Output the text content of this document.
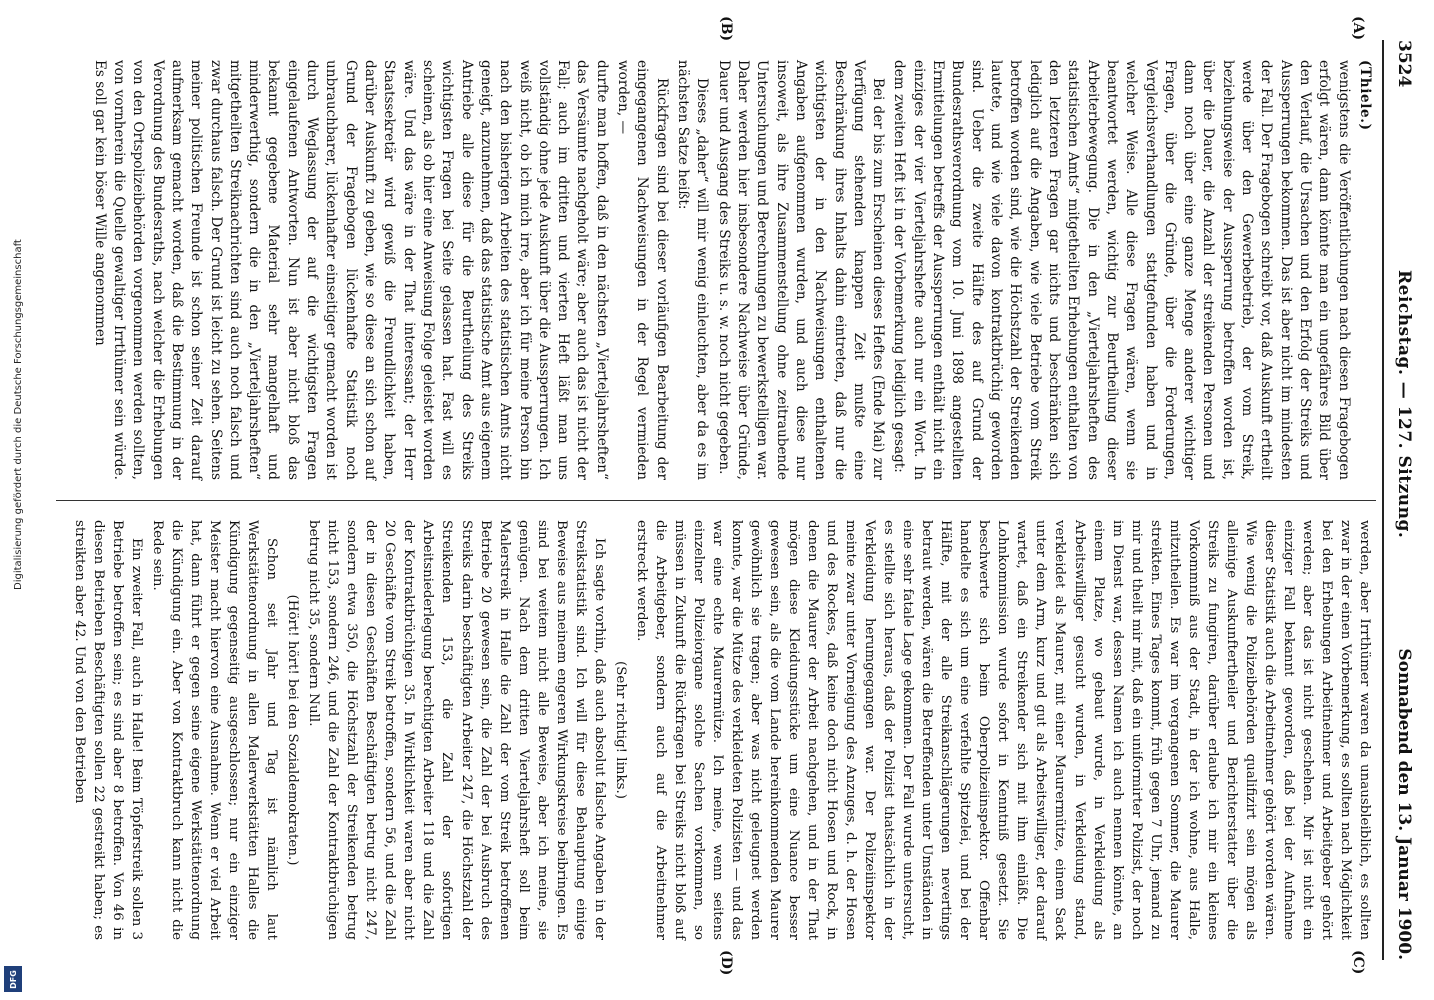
Digitalisierung gefördert durch die Deutsche Forschungsgemeinschaft
DFG
3524
Reichstag. — 127. Sitzung.
Sonnabend den 13. Januar 1900.
(A)
(B)
(C)
(D)

(Thiele.)

wenigstens die Veröffentlichungen nach diesen Fragebogen erfolgt wären, dann könnte man ein ungefähres Bild über den Verlauf, die Ursachen und den Erfolg der Streiks und Aussperrungen bekommen. Das ist aber nicht im mindesten der Fall. Der Fragebogen schreibt vor, daß Auskunft ertheilt werde über den Gewerbebetrieb, der vom Streik, beziehungsweise der Aussperrung betroffen worden ist, über die Dauer, die Anzahl der streikenden Personen und dann noch über eine ganze Menge anderer wichtiger Fragen, über die Gründe, über die Forderungen, Vergleichsverhandlungen stattgefunden haben und in welcher Weise. Alle diese Fragen wären, wenn sie beantwortet werden, wichtig zur Beurtheilung dieser Arbeiterbewegung. Die in den „Vierteljahrsheften des statistischen Amts“ mitgetheilten Erhebungen enthalten von den letzteren Fragen gar nichts und beschränken sich lediglich auf die Angaben, wie viele Betriebe vom Streik betroffen worden sind, wie die Höchstzahl der Streikenden lautete, und wie viele davon kontraktbrüchig geworden sind. Ueber die zweite Hälfte des auf Grund der Bundesrathsverordnung vom 10. Juni 1898 angestellten Ermittelungen betreffs der Aussperrungen enthält nicht ein einziges der vier Vierteljahrshefte auch nur ein Wort. In dem zweiten Heft ist in der Vorbemerkung lediglich gesagt:

Bei der bis zum Erscheinen dieses Heftes (Ende Mai) zur Verfügung stehenden knappen Zeit mußte eine Beschränkung ihres Inhalts dahin eintreten, daß nur die wichtigsten der in den Nachweisungen enthaltenen Angaben aufgenommen wurden, und auch diese nur insoweit, als ihre Zusammenstellung ohne zeitraubende Untersuchungen und Berechnungen zu bewerkstelligen war. Daher werden hier insbesondere Nachweise über Gründe, Dauer und Ausgang des Streiks u. s. w. noch nicht gegeben.

Dieses „daher“ will mir wenig einleuchten, aber da es im nächsten Satze heißt:

Rückfragen sind bei dieser vorläufigen Bearbeitung der eingegangenen Nachweisungen in der Regel vermieden worden, —

durfte man hoffen, daß in den nächsten „Vierteljahrsheften“ das Versäumte nachgeholt wäre; aber auch das ist nicht der Fall; auch im dritten und vierten Heft läßt man uns vollständig ohne jede Auskunft über die Aussperrungen. Ich weiß nicht, ob ich mich irre, aber ich für meine Person bin nach den bisherigen Arbeiten des statistischen Amts nicht geneigt, anzunehmen, daß das statistische Amt aus eigenem Antriebe alle diese für die Beurtheilung des Streiks wichtigsten Fragen bei Seite gelassen hat. Fast will es scheinen, als ob hier eine Anweisung Folge geleistet worden wäre. Und das wäre in der That interessant; der Herr Staatssekretär wird gewiß die Freundlichkeit haben, darüber Auskunft zu geben, wie so diese an sich schon auf Grund der Fragebogen lückenhafte Statistik noch unbrauchbarer, lückenhafter einseitiger gemacht worden ist durch Weglassung der auf die wichtigsten Fragen eingelaufenen Antworten. Nun ist aber nicht bloß das bekannt gegebene Material sehr mangelhaft und minderwerthig, sondern die in den „Vierteljahrsheften“ mitgetheilten Streiknachrichten sind auch noch falsch und zwar durchaus falsch. Der Grund ist leicht zu sehen. Seitens meiner politischen Freunde ist schon seiner Zeit darauf aufmerksam gemacht worden, daß die Bestimmung in der Verordnung des Bundesraths, nach welcher die Erhebungen von den Ortspolizeibehörden vorgenommen werden sollten, von vornherein die Quelle gewaltiger Irrthümer sein würde. Es soll gar kein böser Wille angenommen

werden, aber Irrthümer waren da unausbleiblich, es sollten zwar in der einen Vorbemerkung, es sollten nach Möglichkeit bei den Erhebungen Arbeitnehmer und Arbeitgeber gehört werden; aber das ist nicht geschehen. Mir ist nicht ein einziger Fall bekannt geworden, daß bei der Aufnahme dieser Statistik auch die Arbeitnehmer gehört worden wären. Wie wenig die Polizeibehörden qualifizirt sein mögen als alleinige Auskunftertheiler und Berichterstatter über die Streiks zu fungiren, darüber erlaube ich mir ein kleines Vorkommniß aus der Stadt, in der ich wohne, aus Halle, mitzutheilen. Es war im vergangenen Sommer, die Maurer streikten. Eines Tages kommt, früh gegen 7 Uhr, jemand zu mir und theilt mir mit, daß ein uniformirter Polizist, der noch im Dienst war, dessen Namen ich auch nennen könnte, an einem Platze, wo gebaut wurde, in Verkleidung als Arbeitswilliger gesucht wurden, in Verkleidung stand, verkleidet als Maurer, mit einer Maurermütze, einem Sack unter dem Arm, kurz und gut als Arbeitswilliger, der darauf wartet, daß ein Streikender sich mit ihm einläßt. Die Lohnkommission wurde sofort in Kenntniß gesetzt. Sie beschwerte sich beim Oberpolizeiinspektor. Offenbar handelte es sich um eine verfehlte Spitzelei, und bei der Hälfte, mit der alle Streikanschlägerungen nevertings betraut werden, wären die Betreffenden unter Umständen in eine sehr fatale Lage gekommen. Der Fall wurde untersucht, es stellte sich heraus, daß der Polizist thatsächlich in der Verkleidung herumgegangen war. Der Polizeiinspektor meinte zwar unter Vorneigung des Anzuges, d. h. der Hosen und des Rockes, daß keine doch nicht Hosen und Rock, in denen die Maurer der Arbeit nachgehen, und in der That mögen diese Kleidungsstücke um eine Nuance besser gewesen sein, als die vom Lande hereinkommenden Maurer gewöhnlich sie tragen; aber was nicht geleugnet werden konnte, war die Mütze des verkleideten Polizisten — und das war eine echte Maurermütze. Ich meine, wenn seitens einzelner Polizeiorgane solche Sachen vorkommen, so müssen in Zukunft die Rückfragen bei Streiks nicht bloß auf die Arbeitgeber, sondern auch auf die Arbeitnehmer erstreckt werden.

(Sehr richtig! links.)

Ich sagte vorhin, daß auch absolut falsche Angaben in der Streikstatistik sind. Ich will für diese Behauptung einige Beweise aus meinem engeren Wirkungskreise beibringen. Es sind bei weitem nicht alle Beweise, aber ich meine, sie genügen. Nach dem dritten Vierteljahrsheft soll beim Malerstreik in Halle die Zahl der vom Streik betroffenen Betriebe 20 gewesen sein, die Zahl der bei Ausbruch des Streiks darin beschäftigten Arbeiter 247, die Höchstzahl der Streikenden 153, die Zahl der sofortigen Arbeitsniederlegung berechtigten Arbeiter 118 und die Zahl der Kontraktbrüchigen 35. In Wirklichkeit waren aber nicht 20 Geschäfte vom Streik betroffen, sondern 56, und die Zahl der in diesen Geschäften Beschäftigten betrug nicht 247, sondern etwa 350, die Höchstzahl der Streikenden betrug nicht 153, sondern 246, und die Zahl der Kontraktbrüchigen betrug nicht 35, sondern Null.

(Hört! hört! bei den Sozialdemokraten.)

Schon seit Jahr und Tag ist nämlich laut Werkstättenordnung in allen Malerwerkstätten Halles die Kündigung gegenseitig ausgeschlossen; nur ein einziger Meister macht hiervon eine Ausnahme. Wenn er viel Arbeit hat, dann führt er gegen seine eigene Werkstättenordnung die Kündigung ein. Aber von Kontraktbruch kann nicht die Rede sein.

Ein zweiter Fall, auch in Halle! Beim Töpferstreik sollen 3 Betriebe betroffen sein; es sind aber 8 betroffen. Von 46 in diesen Betrieben Beschäftigten sollen 22 gestreikt haben; es streikten aber 42. Und von den Betrieben
